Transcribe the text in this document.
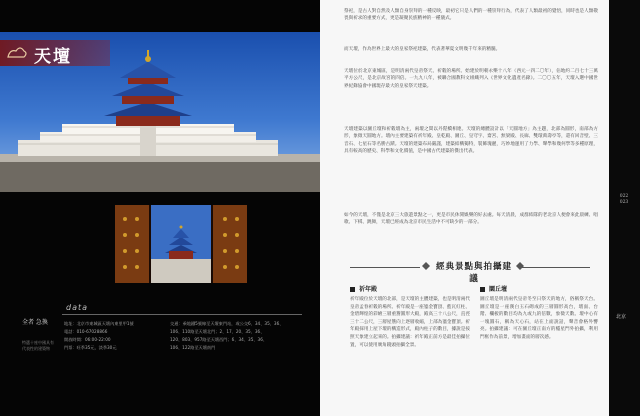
天壇
data
全者 急換
特選十座中國具有代表性的建築物

地址：北京市東城區天壇內東里甲1號

電話：010-67028866

開放時間：06:00-22:00

門票：旺季35元，淡季30元

交通：乘地鐵5號線至天壇東門站，或公交6、34、35、36、

106、110路至天壇北門；2、17、20、35、36、

120、803、957路至天壇西門；6、34、35、36、

106、122路至天壇南門

022
023
北京
祭祀，是古人對自然及人類自身崇拜的一種反映，最初它只是人們的一種崇拜行為，代表了人類最初的覺悟，同時也是人類敬畏與祈求的重要方式，更是凝聚民族精神的一種儀式。
而天壇，作為世界上最大的皇家祭祀建築，代表著華夏文明幾千年來的精髓。
天壇位於北京東城區，是明清兩代皇帝祭天、祈穀的場所。始建於明朝永樂十八年（西元一四二〇年），佔地約二百七十三萬平方公尺，是北京故宮的四倍。一九九八年，被聯合國教科文組織列入《世界文化遺產名錄》。二〇〇五年，天壇入選中國世界紀錄協會中國現存最大的皇家祭天建築。
天壇建築以圜丘壇和祈穀壇為主，兩壇之間以丹陛橋相連。天壇的總體設計以「天圓地方」為主題，北部為圓形，南部為方形，象徵天圓地方。壇內主要建築有祈年殿、皇乾殿、圜丘、皇穹宇、齋宮、無梁殿、長廊、雙環萬壽亭等，還有回音壁、三音石、七星石等名勝古蹟。天壇的建築布局嚴謹，建築結構獨特，裝飾瑰麗，巧妙地運用了力學、聲學和幾何學等多種原理，具有較高的歷史、科學和文化價值，是中國古代建築的傑出代表。
如今的天壇，不僅是北京三大旅遊景點之一，更是市民休閒娛樂的好去處。每天清晨，成群結隊的老北京人便會來此晨練、唱歌、下棋、跳舞，天壇已經成為北京市民生活中不可缺少的一部分。
經典景點與拍攝建議
祈年殿
祈年殿位於天壇的北部，是天壇的主體建築，也是明清兩代皇帝孟春祈穀的場所。祈年殿是一座鎏金寶頂、藍瓦紅柱、金碧輝煌的彩繪三層重簷圓形大殿，殿高三十八公尺，直徑三十二公尺，三層屋簷向上逐層收縮，上部為鎏金寶頂。祈年殿採用上屋下壇的構造形式，殿內柱子的數目，據說是按照天象建立起來的。拍攝建議：祈年殿正前方是最佳拍攝位置，可以使用廣角鏡頭拍攝全景。
圜丘壇
圜丘壇是明清兩代皇帝冬至日祭天的地方，俗稱祭天台。圜丘壇是一座漢白玉石砌成的三層圓形高台，壇面、台階、欄板的數目均為九或九的倍數，象徵天數。壇中心有一塊圓石，稱為天心石，站在上面說話，聲音會格外響亮。拍攝建議：可在圜丘壇正南方的欞星門外拍攝，利用門框作為前景，增加畫面的層次感。
